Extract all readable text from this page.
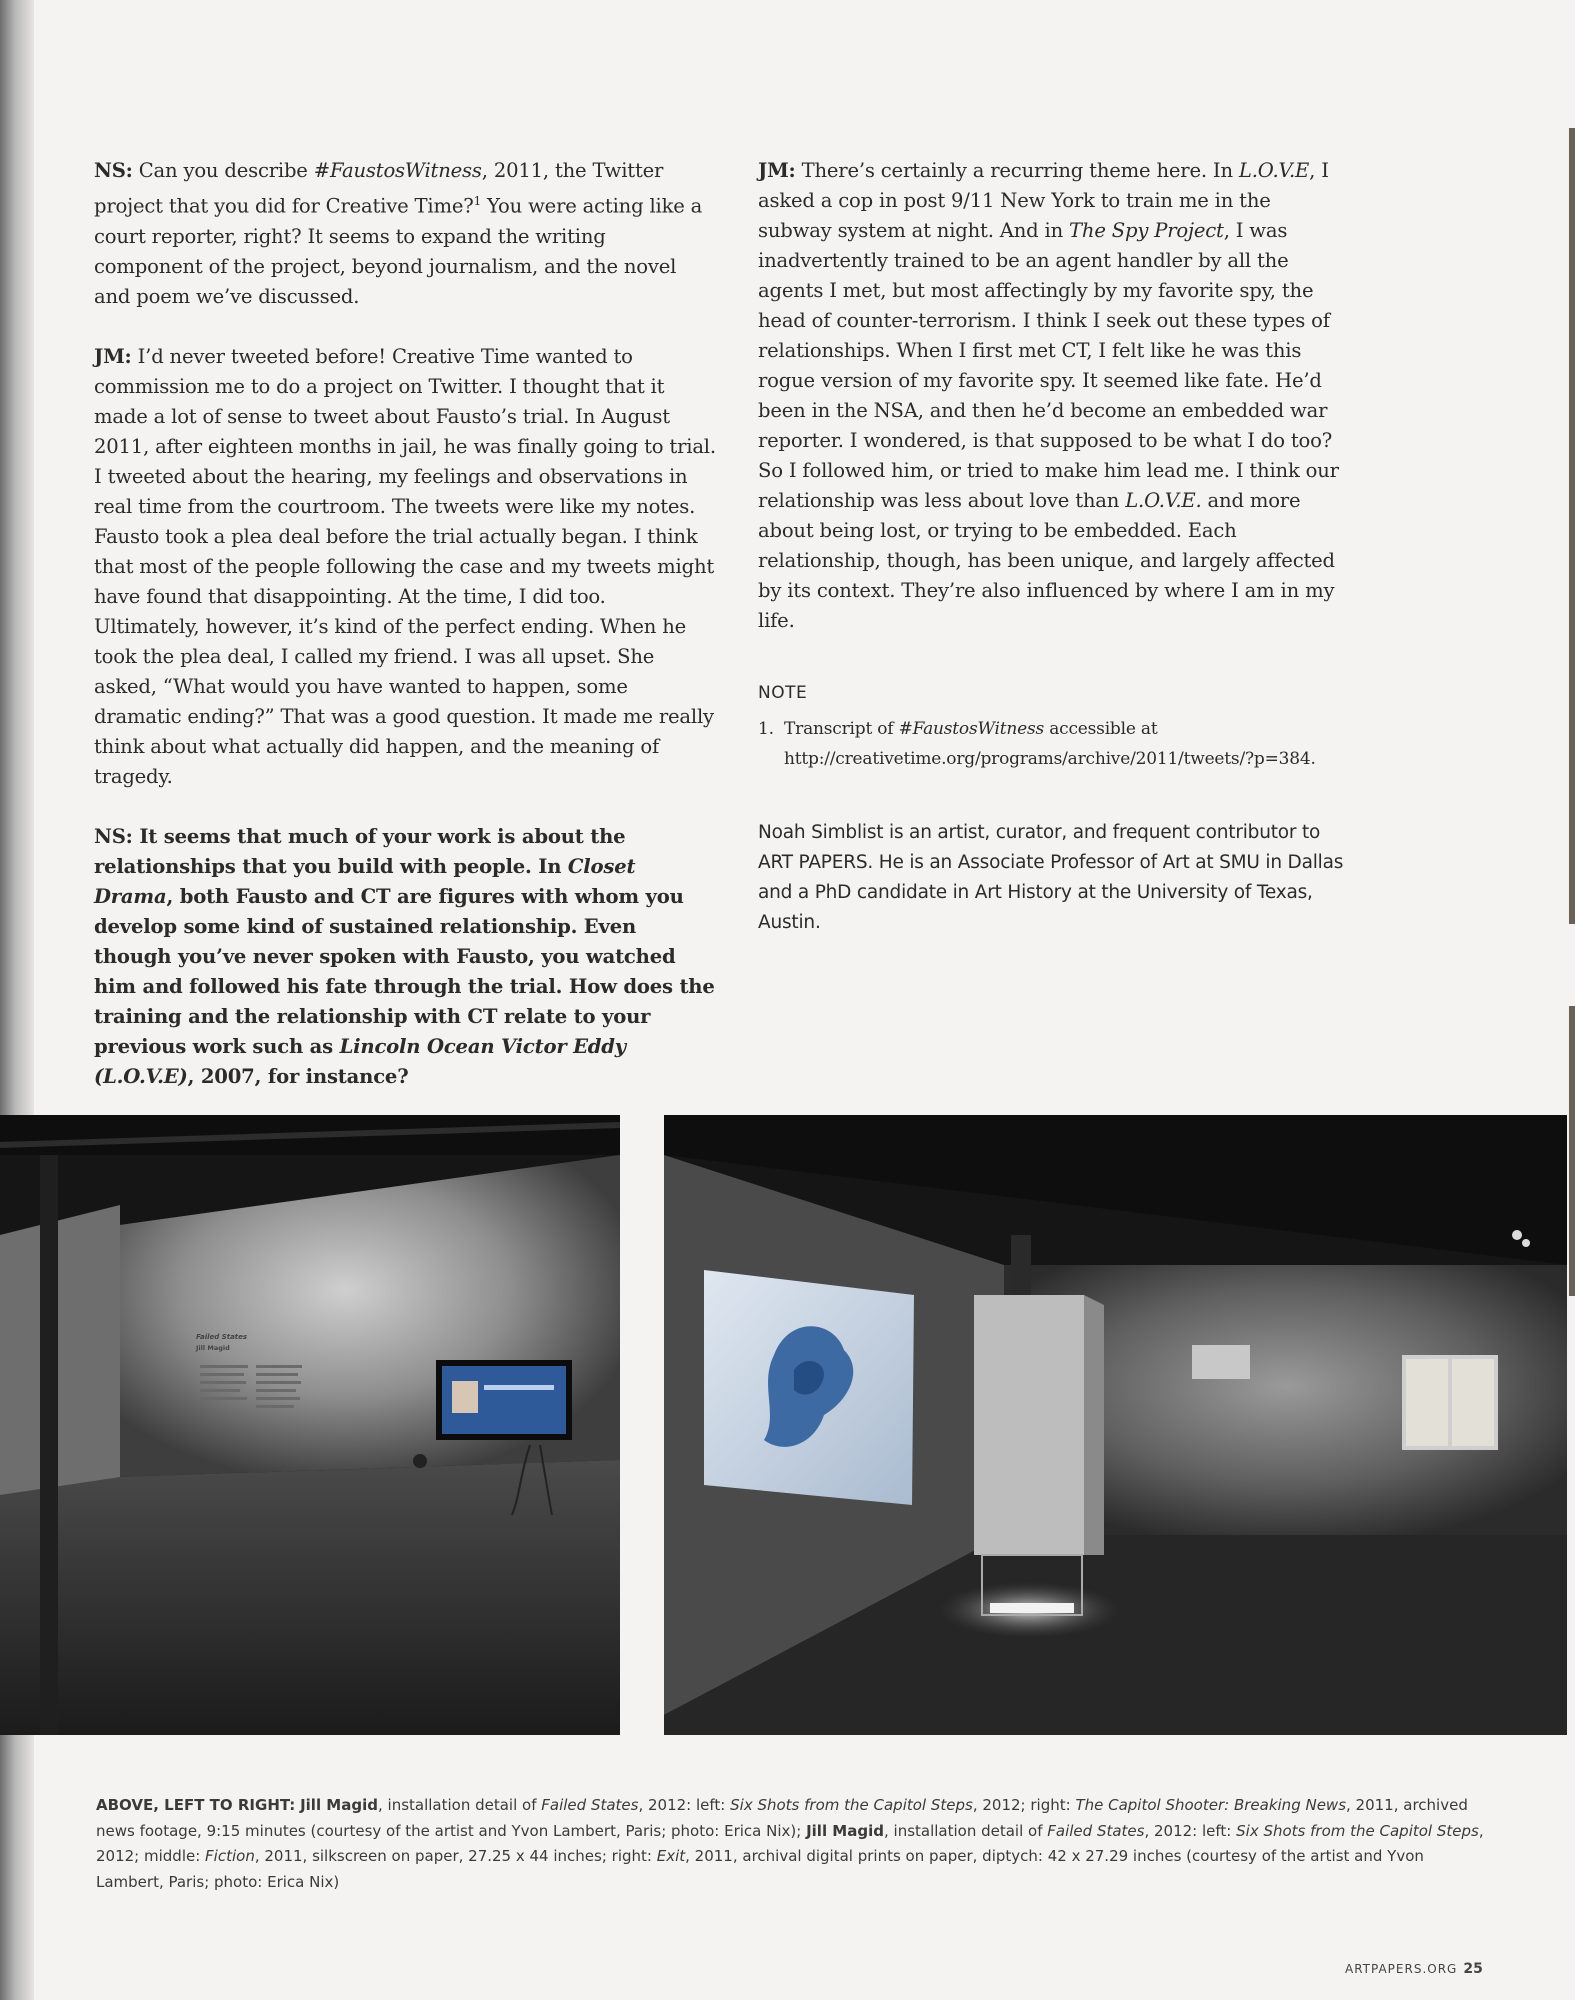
NS: Can you describe #FaustosWitness, 2011, the Twitter project that you did for Creative Time?$^1$ You were acting like a court reporter, right? It seems to expand the writing component of the project, beyond journalism, and the novel and poem we’ve discussed.

JM: I’d never tweeted before! Creative Time wanted to commission me to do a project on Twitter. I thought that it made a lot of sense to tweet about Fausto’s trial. In August 2011, after eighteen months in jail, he was finally going to trial. I tweeted about the hearing, my feelings and observations in real time from the courtroom. The tweets were like my notes. Fausto took a plea deal before the trial actually began. I think that most of the people following the case and my tweets might have found that disappointing. At the time, I did too. Ultimately, however, it’s kind of the perfect ending. When he took the plea deal, I called my friend. I was all upset. She asked, “What would you have wanted to happen, some dramatic ending?” That was a good question. It made me really think about what actually did happen, and the meaning of tragedy.

NS: It seems that much of your work is about the relationships that you build with people. In Closet Drama, both Fausto and CT are figures with whom you develop some kind of sustained relationship. Even though you’ve never spoken with Fausto, you watched him and followed his fate through the trial. How does the training and the relationship with CT relate to your previous work such as Lincoln Ocean Victor Eddy (L.O.V.E), 2007, for instance?

JM: There’s certainly a recurring theme here. In L.O.V.E, I asked a cop in post 9/11 New York to train me in the subway system at night. And in The Spy Project, I was inadvertently trained to be an agent handler by all the agents I met, but most affectingly by my favorite spy, the head of counter-terrorism. I think I seek out these types of relationships. When I first met CT, I felt like he was this rogue version of my favorite spy. It seemed like fate. He’d been in the NSA, and then he’d become an embedded war reporter. I wondered, is that supposed to be what I do too? So I followed him, or tried to make him lead me. I think our relationship was less about love than L.O.V.E. and more about being lost, or trying to be embedded. Each relationship, though, has been unique, and largely affected by its context. They’re also influenced by where I am in my life.

NOTE
1. Transcript of #FaustosWitness accessible at http://creativetime.org/programs/archive/2011/tweets/?p=384.
Noah Simblist is an artist, curator, and frequent contributor to ART PAPERS. He is an Associate Professor of Art at SMU in Dallas and a PhD candidate in Art History at the University of Texas, Austin.
Failed States
Jill Magid
ABOVE, LEFT TO RIGHT: Jill Magid, installation detail of Failed States, 2012: left: Six Shots from the Capitol Steps, 2012; right: The Capitol Shooter: Breaking News, 2011, archived news footage, 9:15 minutes (courtesy of the artist and Yvon Lambert, Paris; photo: Erica Nix); Jill Magid, installation detail of Failed States, 2012: left: Six Shots from the Capitol Steps, 2012; middle: Fiction, 2011, silkscreen on paper, 27.25 x 44 inches; right: Exit, 2011, archival digital prints on paper, diptych: 42 x 27.29 inches (courtesy of the artist and Yvon Lambert, Paris; photo: Erica Nix)
ARTPAPERS.ORG 25
